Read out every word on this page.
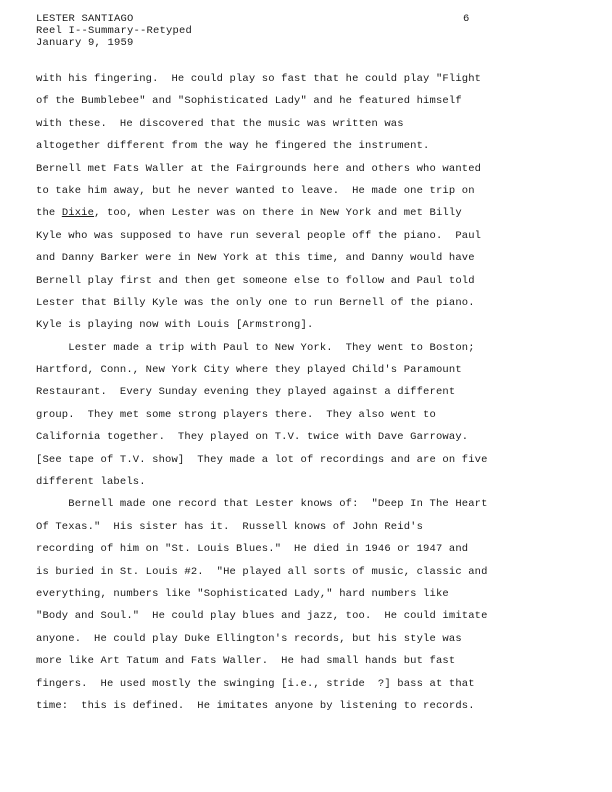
LESTER SANTIAGO
Reel I--Summary--Retyped
January 9, 1959
6
with his fingering.  He could play so fast that he could play "Flight
of the Bumblebee" and "Sophisticated Lady" and he featured himself
with these.  He discovered that the music was written was
altogether different from the way he fingered the instrument.
Bernell met Fats Waller at the Fairgrounds here and others who wanted
to take him away, but he never wanted to leave.  He made one trip on
the Dixie, too, when Lester was on there in New York and met Billy
Kyle who was supposed to have run several people off the piano.  Paul
and Danny Barker were in New York at this time, and Danny would have
Bernell play first and then get someone else to follow and Paul told
Lester that Billy Kyle was the only one to run Bernell of the piano.
Kyle is playing now with Louis [Armstrong].
Lester made a trip with Paul to New York.  They went to Boston;
Hartford, Conn., New York City where they played Child's Paramount
Restaurant.  Every Sunday evening they played against a different
group.  They met some strong players there.  They also went to
California together.  They played on T.V. twice with Dave Garroway.
[See tape of T.V. show]  They made a lot of recordings and are on five
different labels.
Bernell made one record that Lester knows of:  "Deep In The Heart
Of Texas."  His sister has it.  Russell knows of John Reid's
recording of him on "St. Louis Blues."  He died in 1946 or 1947 and
is buried in St. Louis #2.  "He played all sorts of music, classic and
everything, numbers like "Sophisticated Lady," hard numbers like
"Body and Soul."  He could play blues and jazz, too.  He could imitate
anyone.  He could play Duke Ellington's records, but his style was
more like Art Tatum and Fats Waller.  He had small hands but fast
fingers.  He used mostly the swinging [i.e., stride  ?] bass at that
time:  this is defined.  He imitates anyone by listening to records.
